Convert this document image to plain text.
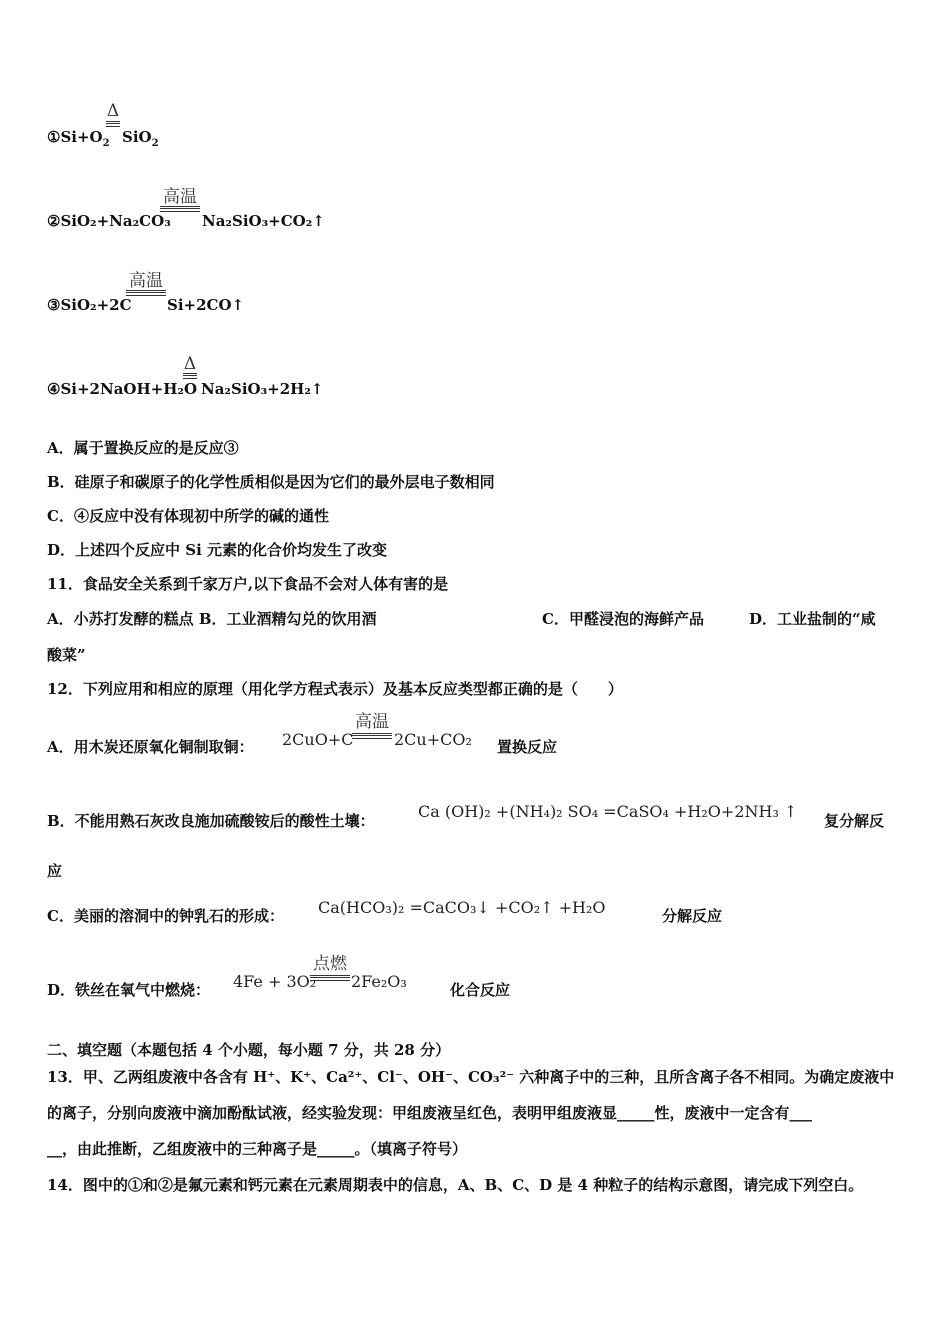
Δ
$①Si+O_2$ SiO$_2$
高温
②SiO₂+Na₂CO₃ Na₂SiO₃+CO₂↑
高温
③SiO₂+2C Si+2CO↑
Δ
④Si+2NaOH+H₂O Na₂SiO₃+2H₂↑
A．属于置换反应的是反应③
B．硅原子和碳原子的化学性质相似是因为它们的最外层电子数相同
C．④反应中没有体现初中所学的碱的通性
D．上述四个反应中 Si 元素的化合价均发生了改变
11．食品安全关系到千家万户,以下食品不会对人体有害的是
A．小苏打发酵的糕点 B．工业酒精勾兑的饮用酒	C．甲醛浸泡的海鲜产品	D．工业盐制的“咸
酸菜”
12．下列应用和相应的原理（用化学方程式表示）及基本反应类型都正确的是（　　）
A．用木炭还原氧化铜制取铜： 2CuO+C
高温
2Cu+CO₂ 置换反应
B．不能用熟石灰改良施加硫酸铵后的酸性土壤：	Ca (OH)₂ +(NH₄)₂ SO₄ =CaSO₄ +H₂O+2NH₃ ↑ 复分解反
应
C．美丽的溶洞中的钟乳石的形成： Ca(HCO₃)₂ =CaCO₃↓ +CO₂↑ +H₂O	分解反应
D．铁丝在氧气中燃烧： 4Fe + 3O₂
点燃
2Fe₂O₃	化合反应
二、填空题（本题包括 4 个小题，每小题 7 分，共 28 分）
13．甲、乙两组废液中各含有 H⁺、K⁺、Ca²⁺、Cl⁻、OH⁻、CO₃²⁻ 六种离子中的三种，且所含离子各不相同。为确定废液中
的离子，分别向废液中滴加酚酞试液，经实验发现：甲组废液呈红色，表明甲组废液显_____性，废液中一定含有___
__，由此推断，乙组废液中的三种离子是_____。（填离子符号）
14．图中的①和②是氟元素和钙元素在元素周期表中的信息，A、B、C、D 是 4 种粒子的结构示意图，请完成下列空白。
